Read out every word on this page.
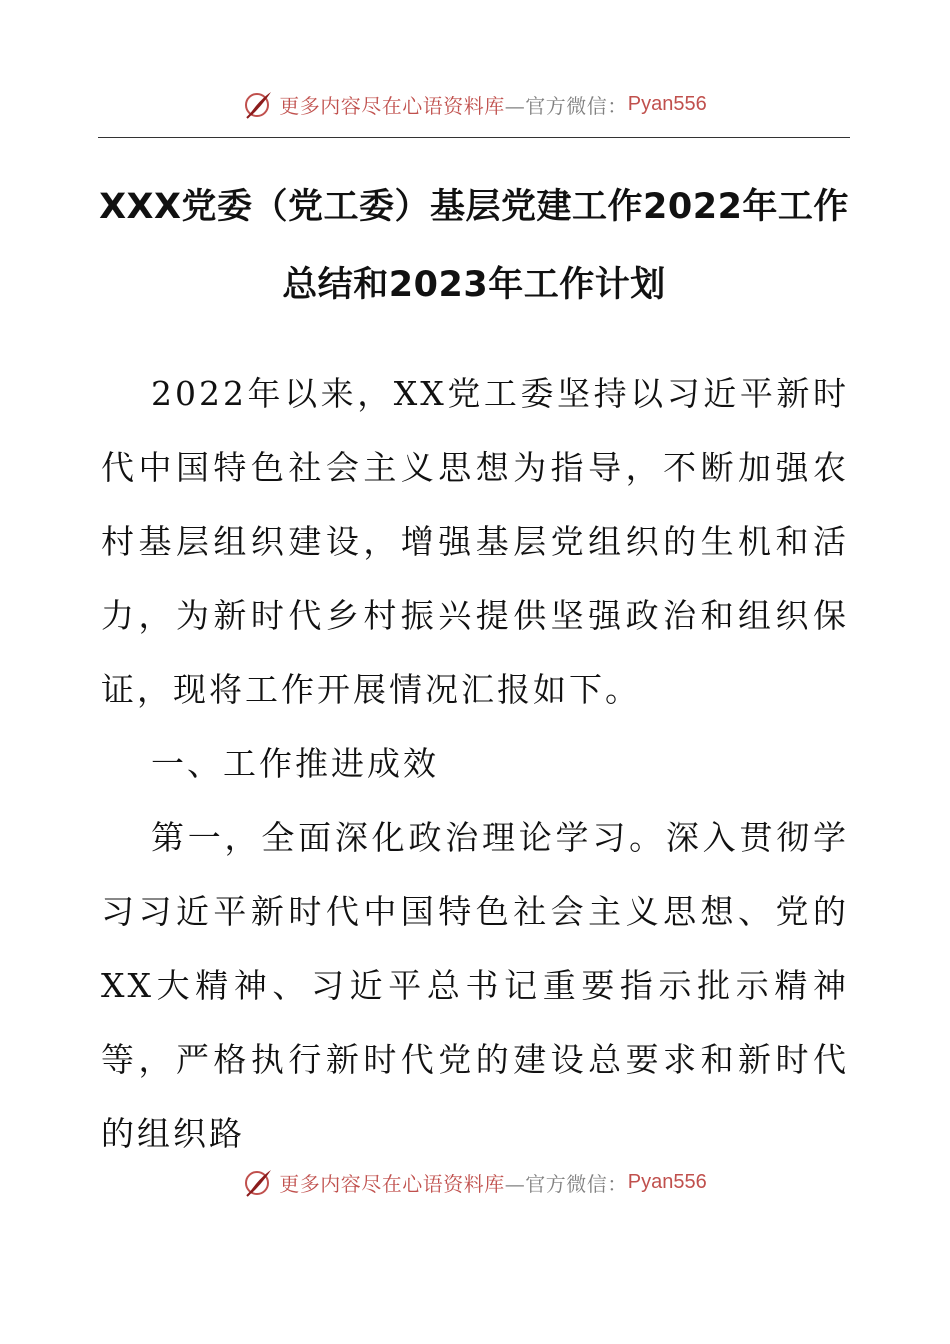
更多内容尽在心语资料库 —官方微信： Pyan556
XXX党委（党工委）基层党建工作2022年工作总结和2023年工作计划

2022年以来，XX党工委坚持以习近平新时代中国特色社会主义思想为指导，不断加强农村基层组织建设，增强基层党组织的生机和活力，为新时代乡村振兴提供坚强政治和组织保证，现将工作开展情况汇报如下。

一、工作推进成效

第一，全面深化政治理论学习。深入贯彻学习习近平新时代中国特色社会主义思想、党的XX大精神、习近平总书记重要指示批示精神等，严格执行新时代党的建设总要求和新时代的组织路

更多内容尽在心语资料库 —官方微信： Pyan556
